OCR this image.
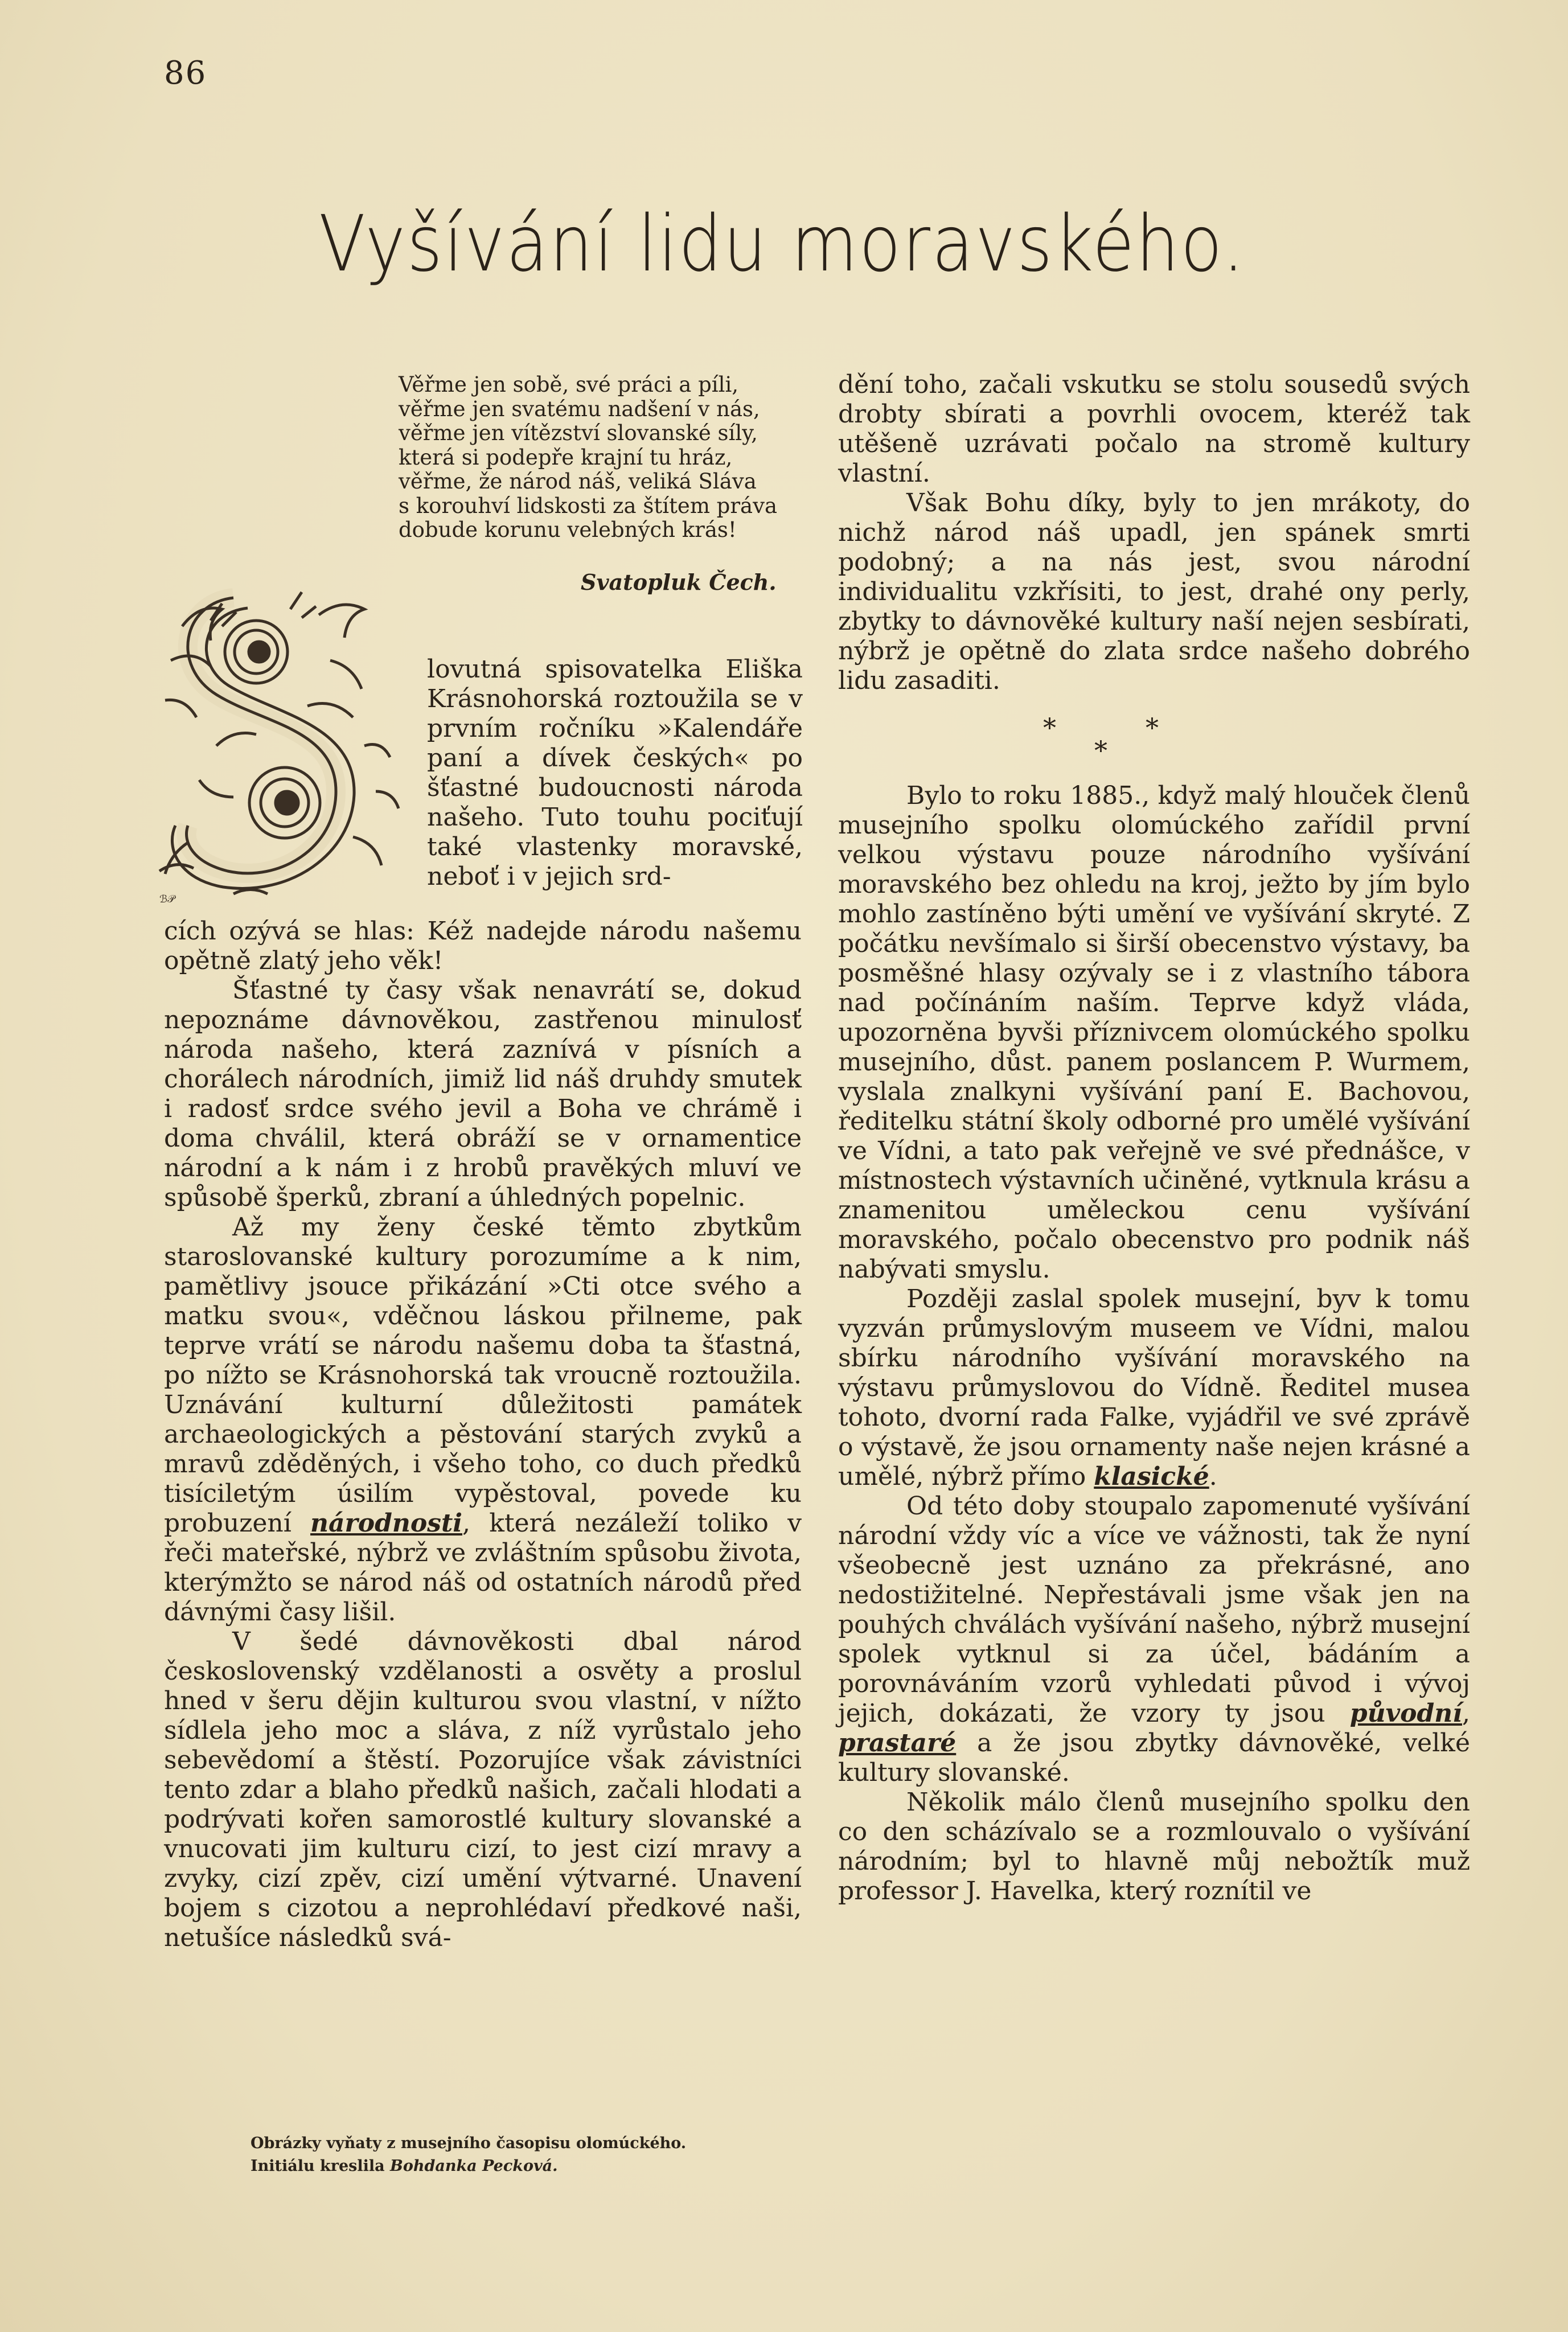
86
Vyšívání lidu moravského.
Věřme jen sobě, své práci a píli,
věřme jen svatému nadšení v nás,
věřme jen vítězství slovanské síly,
která si podepře krajní tu hráz,
věřme, že národ náš, veliká Sláva
s korouhví lidskosti za štítem práva
dobude korunu velebných krás!
Svatopluk Čech.
ℬ𝒫
lovutná spisovatelka Eliška Krásnohorská roztoužila se v prvním ročníku »Kalendáře paní a dívek českých« po šťastné budoucnosti národa našeho. Tuto touhu pociťují také vlastenky moravské, neboť i v jejich srd-

cích ozývá se hlas: Kéž nadejde národu našemu opětně zlatý jeho věk!

Šťastné ty časy však nenavrátí se, dokud nepoznáme dávnověkou, zastřenou minulosť národa našeho, která zaznívá v písních a chorálech národních, jimiž lid náš druhdy smutek i radosť srdce svého jevil a Boha ve chrámě i doma chválil, která obráží se v ornamentice národní a k nám i z hrobů pravěkých mluví ve spůsobě šperků, zbraní a úhledných popelnic.

Až my ženy české těmto zbytkům staroslovanské kultury porozumíme a k nim, pamětlivy jsouce přikázání »Cti otce svého a matku svou«, vděčnou láskou přilneme, pak teprve vrátí se národu našemu doba ta šťastná, po nížto se Krásnohorská tak vroucně roztoužila. Uznávání kulturní důležitosti památek archaeologických a pěstování starých zvyků a mravů zděděných, i všeho toho, co duch předků tisíciletým úsilím vypěstoval, povede ku probuzení národnosti, která nezáleží toliko v řeči mateřské, nýbrž ve zvláštním spůsobu života, kterýmžto se národ náš od ostatních národů před dávnými časy lišil.

V šedé dávnověkosti dbal národ československý vzdělanosti a osvěty a proslul hned v šeru dějin kulturou svou vlastní, v nížto sídlela jeho moc a sláva, z níž vyrůstalo jeho sebevědomí a štěstí. Pozorujíce však závistníci tento zdar a blaho předků našich, začali hlodati a podrývati kořen samorostlé kultury slovanské a vnucovati jim kulturu cizí, to jest cizí mravy a zvyky, cizí zpěv, cizí umění výtvarné. Unavení bojem s cizotou a neprohlédaví předkové naši, netušíce následků svá-

dění toho, začali vskutku se stolu sousedů svých drobty sbírati a povrhli ovocem, kteréž tak utěšeně uzrávati počalo na stromě kultury vlastní.

Však Bohu díky, byly to jen mrákoty, do nichž národ náš upadl, jen spánek smrti podobný; a na nás jest, svou národní individualitu vzkřísiti, to jest, drahé ony perly, zbytky to dávnověké kultury naší nejen sesbírati, nýbrž je opětně do zlata srdce našeho dobrého lidu zasaditi.

*	*
*

Bylo to roku 1885., když malý hlouček členů musejního spolku olomúckého zařídil první velkou výstavu pouze národního vyšívání moravského bez ohledu na kroj, ježto by jím bylo mohlo zastíněno býti umění ve vyšívání skryté. Z počátku nevšímalo si širší obecenstvo výstavy, ba posměšné hlasy ozývaly se i z vlastního tábora nad počínáním naším. Teprve když vláda, upozorněna byvši příznivcem olomúckého spolku musejního, důst. panem poslancem P. Wurmem, vyslala znalkyni vyšívání paní E. Bachovou, ředitelku státní školy odborné pro umělé vyšívání ve Vídni, a tato pak veřejně ve své přednášce, v místnostech výstavních učiněné, vytknula krásu a znamenitou uměleckou cenu vyšívání moravského, počalo obecenstvo pro podnik náš nabývati smyslu.

Později zaslal spolek musejní, byv k tomu vyzván průmyslovým museem ve Vídni, malou sbírku národního vyšívání moravského na výstavu průmyslovou do Vídně. Ředitel musea tohoto, dvorní rada Falke, vyjádřil ve své zprávě o výstavě, že jsou ornamenty naše nejen krásné a umělé, nýbrž přímo klasické.

Od této doby stoupalo zapomenuté vyšívání národní vždy víc a více ve vážnosti, tak že nyní všeobecně jest uznáno za překrásné, ano nedostižitelné. Nepřestávali jsme však jen na pouhých chválách vyšívání našeho, nýbrž musejní spolek vytknul si za účel, bádáním a porovnáváním vzorů vyhledati původ i vývoj jejich, dokázati, že vzory ty jsou původní, prastaré a že jsou zbytky dávnověké, velké kultury slovanské.

Několik málo členů musejního spolku den co den scházívalo se a rozmlouvalo o vyšívání národním; byl to hlavně můj nebožtík muž professor J. Havelka, který roznítil ve

Obrázky vyňaty z musejního časopisu olomúckého.
Initiálu kreslila Bohdanka Pecková.
